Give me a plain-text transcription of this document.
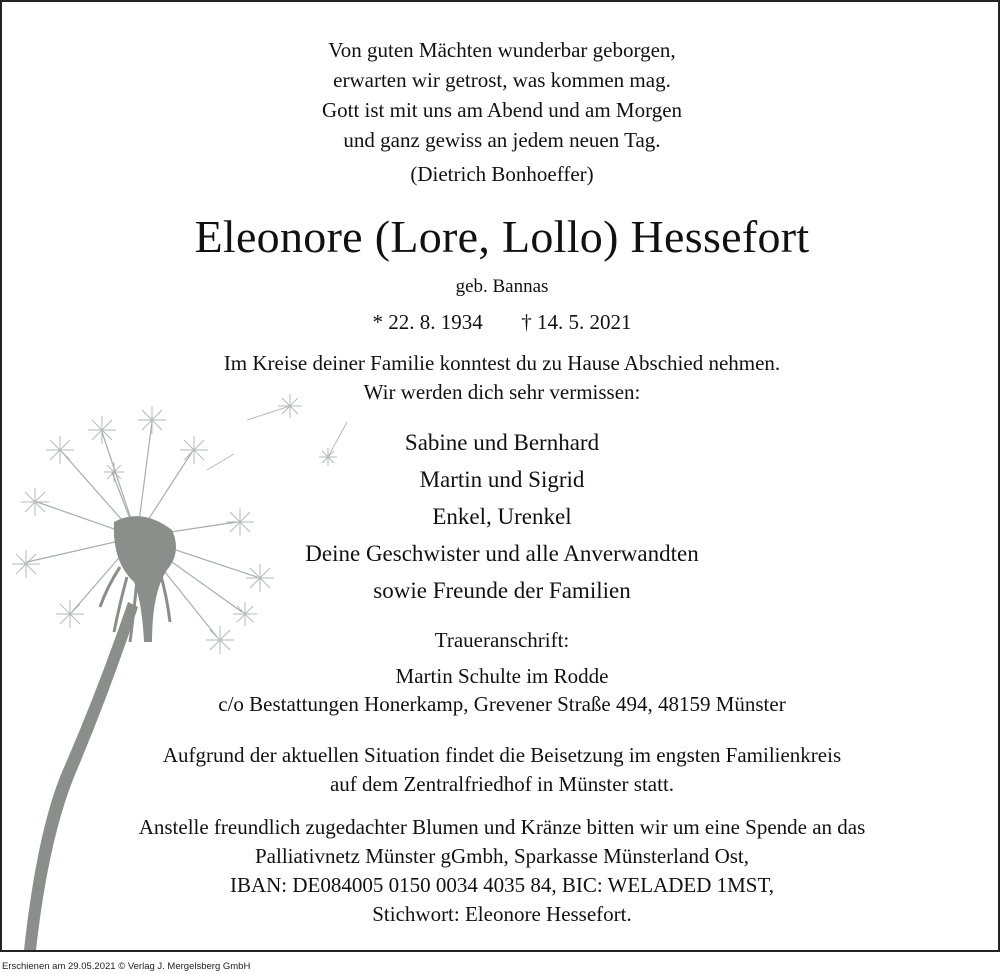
Von guten Mächten wunderbar geborgen,
erwarten wir getrost, was kommen mag.
Gott ist mit uns am Abend und am Morgen
und ganz gewiss an jedem neuen Tag.
(Dietrich Bonhoeffer)
Eleonore (Lore, Lollo) Hessefort
geb. Bannas
* 22. 8. 1934 † 14. 5. 2021
Im Kreise deiner Familie konntest du zu Hause Abschied nehmen.
Wir werden dich sehr vermissen:
Sabine und Bernhard
Martin und Sigrid
Enkel, Urenkel
Deine Geschwister und alle Anverwandten
sowie Freunde der Familien
Traueranschrift:
Martin Schulte im Rodde
c/o Bestattungen Honerkamp, Grevener Straße 494, 48159 Münster
Aufgrund der aktuellen Situation findet die Beisetzung im engsten Familienkreis
auf dem Zentralfriedhof in Münster statt.
Anstelle freundlich zugedachter Blumen und Kränze bitten wir um eine Spende an das
Palliativnetz Münster gGmbh, Sparkasse Münsterland Ost,
IBAN: DE084005 0150 0034 4035 84, BIC: WELADED 1MST,
Stichwort: Eleonore Hessefort.
Erschienen am 29.05.2021 © Verlag J. Mergelsberg GmbH
